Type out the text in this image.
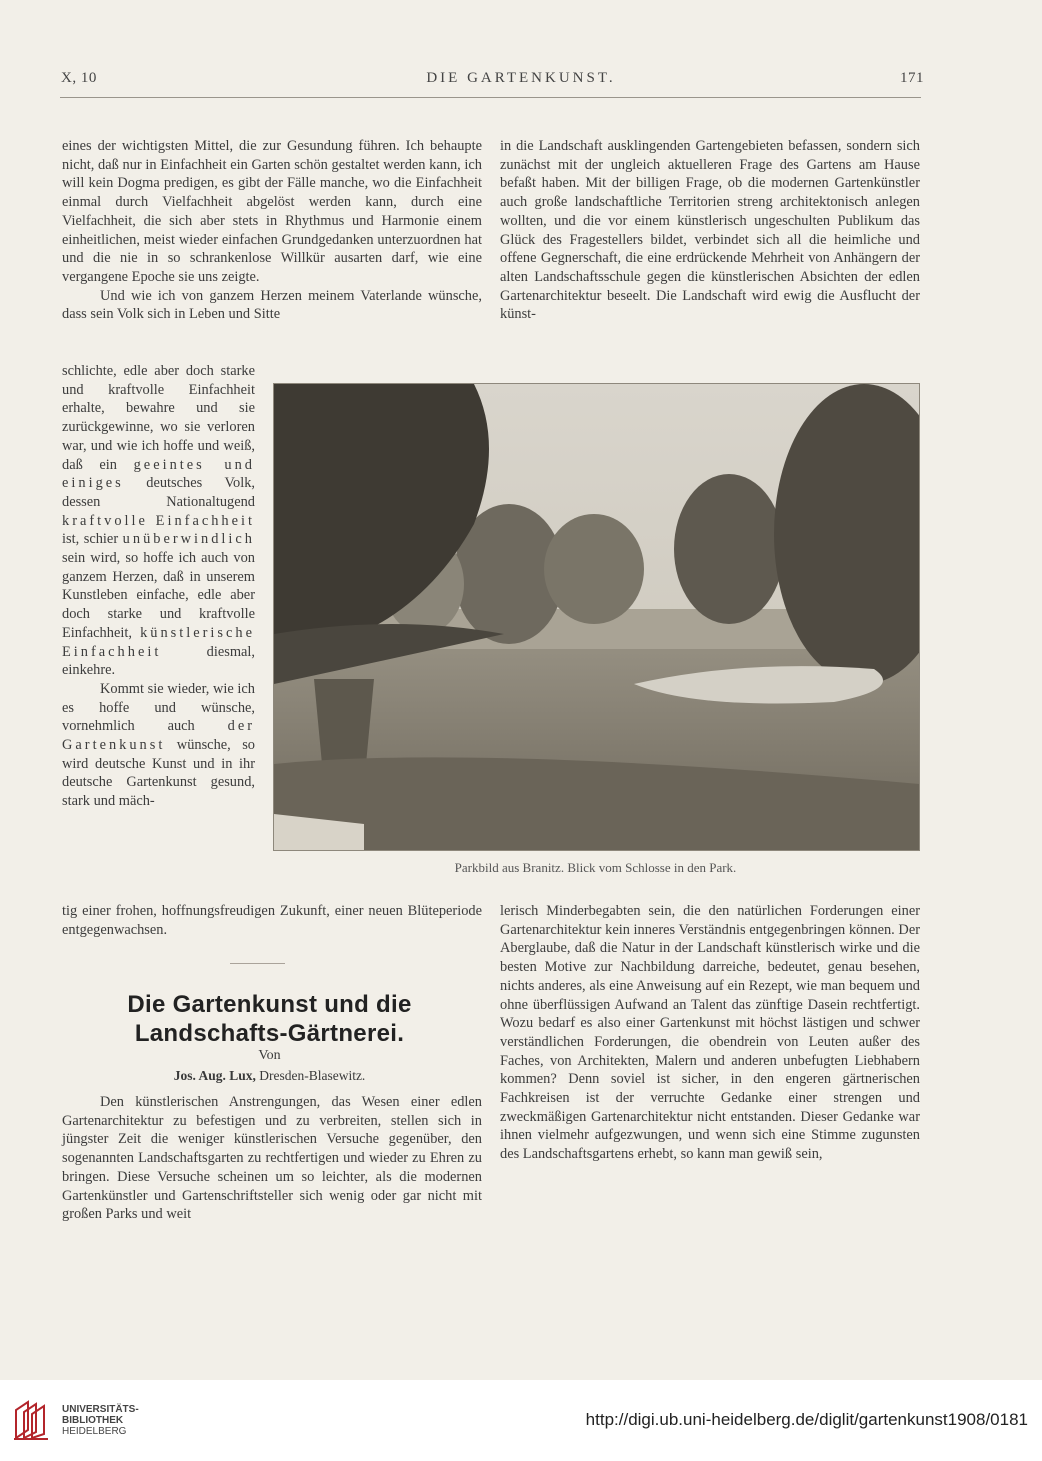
X, 10	DIE GARTENKUNST.	171

eines der wichtigsten Mittel, die zur Gesundung führen. Ich behaupte nicht, daß nur in Einfachheit ein Garten schön gestaltet werden kann, ich will kein Dogma predigen, es gibt der Fälle manche, wo die Einfachheit einmal durch Vielfachheit abgelöst werden kann, durch eine Vielfachheit, die sich aber stets in Rhythmus und Harmonie einem einheitlichen, meist wieder einfachen Grundgedanken unterzuordnen hat und die nie in so schrankenlose Willkür ausarten darf, wie eine vergangene Epoche sie uns zeigte.

Und wie ich von ganzem Herzen meinem Vaterlande wünsche, dass sein Volk sich in Leben und Sitte

schlichte, edle aber doch starke und kraftvolle Einfachheit erhalte, bewahre und sie zurückgewinne, wo sie verloren war, und wie ich hoffe und weiß, daß ein geeintes und einiges deutsches Volk, dessen Nationaltugend kraftvolle Einfachheit ist, schier unüberwindlich sein wird, so hoffe ich auch von ganzem Herzen, daß in unserem Kunstleben einfache, edle aber doch starke und kraftvolle Einfachheit, künstlerische Einfachheit	diesmal, einkehre.

Kommt sie wieder, wie ich es hoffe und wünsche, vornehmlich auch der Gartenkunst wünsche, so wird deutsche Kunst und in ihr deutsche Gartenkunst gesund, stark und mäch-

tig einer frohen, hoffnungsfreudigen Zukunft, einer neuen Blüteperiode entgegenwachsen.

in die Landschaft ausklingenden Gartengebieten befassen, sondern sich zunächst mit der ungleich aktuelleren Frage des Gartens am Hause befaßt haben. Mit der billigen Frage, ob die modernen Gartenkünstler auch große landschaftliche Territorien streng architektonisch anlegen wollten, und die vor einem künstlerisch ungeschulten Publikum das Glück des Fragestellers bildet, verbindet sich all die heimliche und offene Gegnerschaft, die eine erdrückende Mehrheit von Anhängern der alten Landschaftsschule gegen die künstlerischen Absichten der edlen Gartenarchitektur beseelt. Die Landschaft wird ewig die Ausflucht der künst-

Parkbild aus Branitz. Blick vom Schlosse in den Park.
Die Gartenkunst und die Landschafts-Gärtnerei.
Von
Jos. Aug. Lux, Dresden-Blasewitz.

Den künstlerischen Anstrengungen, das Wesen einer edlen Gartenarchitektur zu befestigen und zu verbreiten, stellen sich in jüngster Zeit die weniger künstlerischen Versuche gegenüber, den sogenannten Landschaftsgarten zu rechtfertigen und wieder zu Ehren zu bringen. Diese Versuche scheinen um so leichter, als die modernen Gartenkünstler und Gartenschriftsteller sich wenig oder gar nicht mit großen Parks und weit

lerisch Minderbegabten sein, die den natürlichen Forderungen einer Gartenarchitektur kein inneres Verständnis entgegenbringen können. Der Aberglaube, daß die Natur in der Landschaft künstlerisch wirke und die besten Motive zur Nachbildung darreiche, bedeutet, genau besehen, nichts anderes, als eine Anweisung auf ein Rezept, wie man bequem und ohne überflüssigen Aufwand an Talent das zünftige Dasein rechtfertigt. Wozu bedarf es also einer Gartenkunst mit höchst lästigen und schwer verständlichen Forderungen, die obendrein von Leuten außer des Faches, von Architekten, Malern und anderen unbefugten Liebhabern kommen? Denn soviel ist sicher, in den engeren gärtnerischen Fachkreisen ist der verruchte Gedanke einer strengen und zweckmäßigen Gartenarchitektur nicht entstanden. Dieser Gedanke war ihnen vielmehr aufgezwungen, und wenn sich eine Stimme zugunsten des Landschaftsgartens erhebt, so kann man gewiß sein,

UNIVERSITÄTS-
BIBLIOTHEK
HEIDELBERG
http://digi.ub.uni-heidelberg.de/diglit/gartenkunst1908/0181
